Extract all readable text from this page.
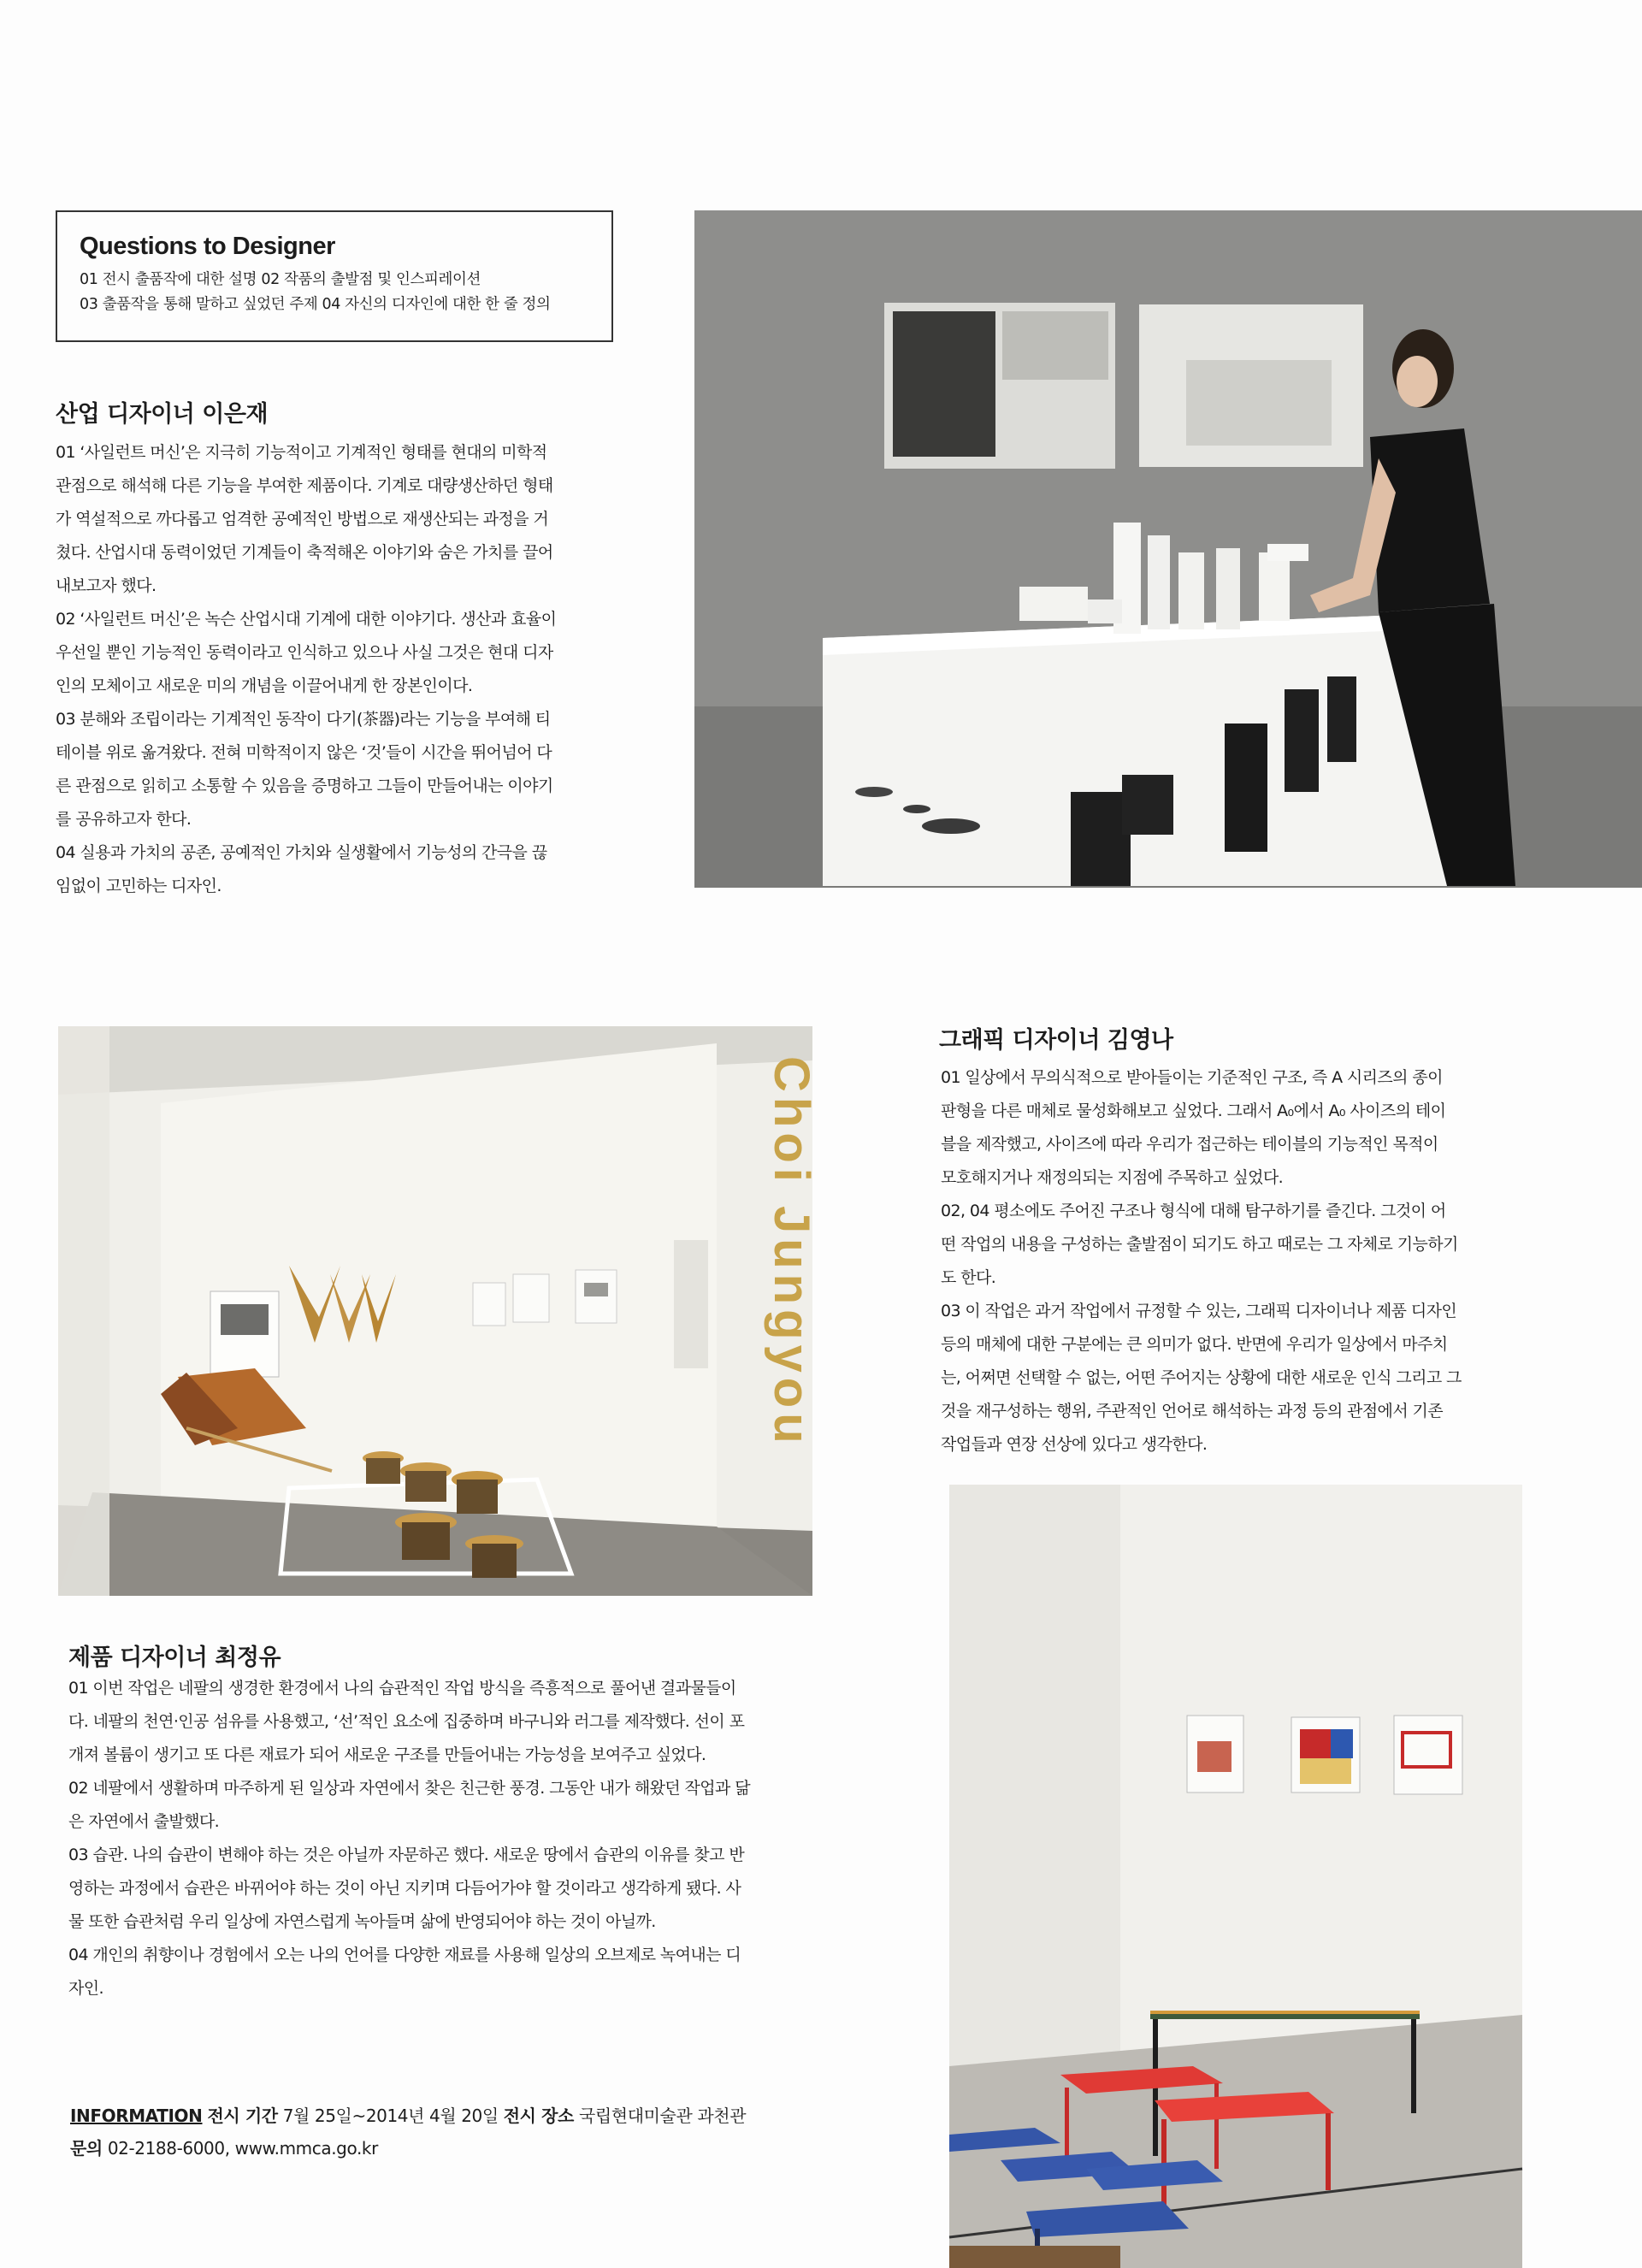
Questions to Designer
01 전시 출품작에 대한 설명 02 작품의 출발점 및 인스피레이션
03 출품작을 통해 말하고 싶었던 주제 04 자신의 디자인에 대한 한 줄 정의
산업 디자이너 이은재

01 ‘사일런트 머신’은 지극히 기능적이고 기계적인 형태를 현대의 미학적

관점으로 해석해 다른 기능을 부여한 제품이다. 기계로 대량생산하던 형태

가 역설적으로 까다롭고 엄격한 공예적인 방법으로 재생산되는 과정을 거

쳤다. 산업시대 동력이었던 기계들이 축적해온 이야기와 숨은 가치를 끌어

내보고자 했다.

02 ‘사일런트 머신’은 녹슨 산업시대 기계에 대한 이야기다. 생산과 효율이

우선일 뿐인 기능적인 동력이라고 인식하고 있으나 사실 그것은 현대 디자

인의 모체이고 새로운 미의 개념을 이끌어내게 한 장본인이다.

03 분해와 조립이라는 기계적인 동작이 다기(茶器)라는 기능을 부여해 티

테이블 위로 옮겨왔다. 전혀 미학적이지 않은 ‘것’들이 시간을 뛰어넘어 다

른 관점으로 읽히고 소통할 수 있음을 증명하고 그들이 만들어내는 이야기

를 공유하고자 한다.

04 실용과 가치의 공존, 공예적인 가치와 실생활에서 기능성의 간극을 끊

임없이 고민하는 디자인.

Choi Jungyou
그래픽 디자이너 김영나

01 일상에서 무의식적으로 받아들이는 기준적인 구조, 즉 A 시리즈의 종이

판형을 다른 매체로 물성화해보고 싶었다. 그래서 A₀에서 A₀ 사이즈의 테이

블을 제작했고, 사이즈에 따라 우리가 접근하는 테이블의 기능적인 목적이

모호해지거나 재정의되는 지점에 주목하고 싶었다.

02, 04 평소에도 주어진 구조나 형식에 대해 탐구하기를 즐긴다. 그것이 어

떤 작업의 내용을 구성하는 출발점이 되기도 하고 때로는 그 자체로 기능하기

도 한다.

03 이 작업은 과거 작업에서 규정할 수 있는, 그래픽 디자이너나 제품 디자인

등의 매체에 대한 구분에는 큰 의미가 없다. 반면에 우리가 일상에서 마주치

는, 어쩌면 선택할 수 없는, 어떤 주어지는 상황에 대한 새로운 인식 그리고 그

것을 재구성하는 행위, 주관적인 언어로 해석하는 과정 등의 관점에서 기존

작업들과 연장 선상에 있다고 생각한다.

제품 디자이너 최정유

01 이번 작업은 네팔의 생경한 환경에서 나의 습관적인 작업 방식을 즉흥적으로 풀어낸 결과물들이

다. 네팔의 천연·인공 섬유를 사용했고, ‘선’적인 요소에 집중하며 바구니와 러그를 제작했다. 선이 포

개져 볼륨이 생기고 또 다른 재료가 되어 새로운 구조를 만들어내는 가능성을 보여주고 싶었다.

02 네팔에서 생활하며 마주하게 된 일상과 자연에서 찾은 친근한 풍경. 그동안 내가 해왔던 작업과 닮

은 자연에서 출발했다.

03 습관. 나의 습관이 변해야 하는 것은 아닐까 자문하곤 했다. 새로운 땅에서 습관의 이유를 찾고 반

영하는 과정에서 습관은 바뀌어야 하는 것이 아닌 지키며 다듬어가야 할 것이라고 생각하게 됐다. 사

물 또한 습관처럼 우리 일상에 자연스럽게 녹아들며 삶에 반영되어야 하는 것이 아닐까.

04 개인의 취향이나 경험에서 오는 나의 언어를 다양한 재료를 사용해 일상의 오브제로 녹여내는 디

자인.

INFORMATION 전시 기간 7월 25일~2014년 4월 20일 전시 장소 국립현대미술관 과천관
문의 02-2188-6000, www.mmca.go.kr
